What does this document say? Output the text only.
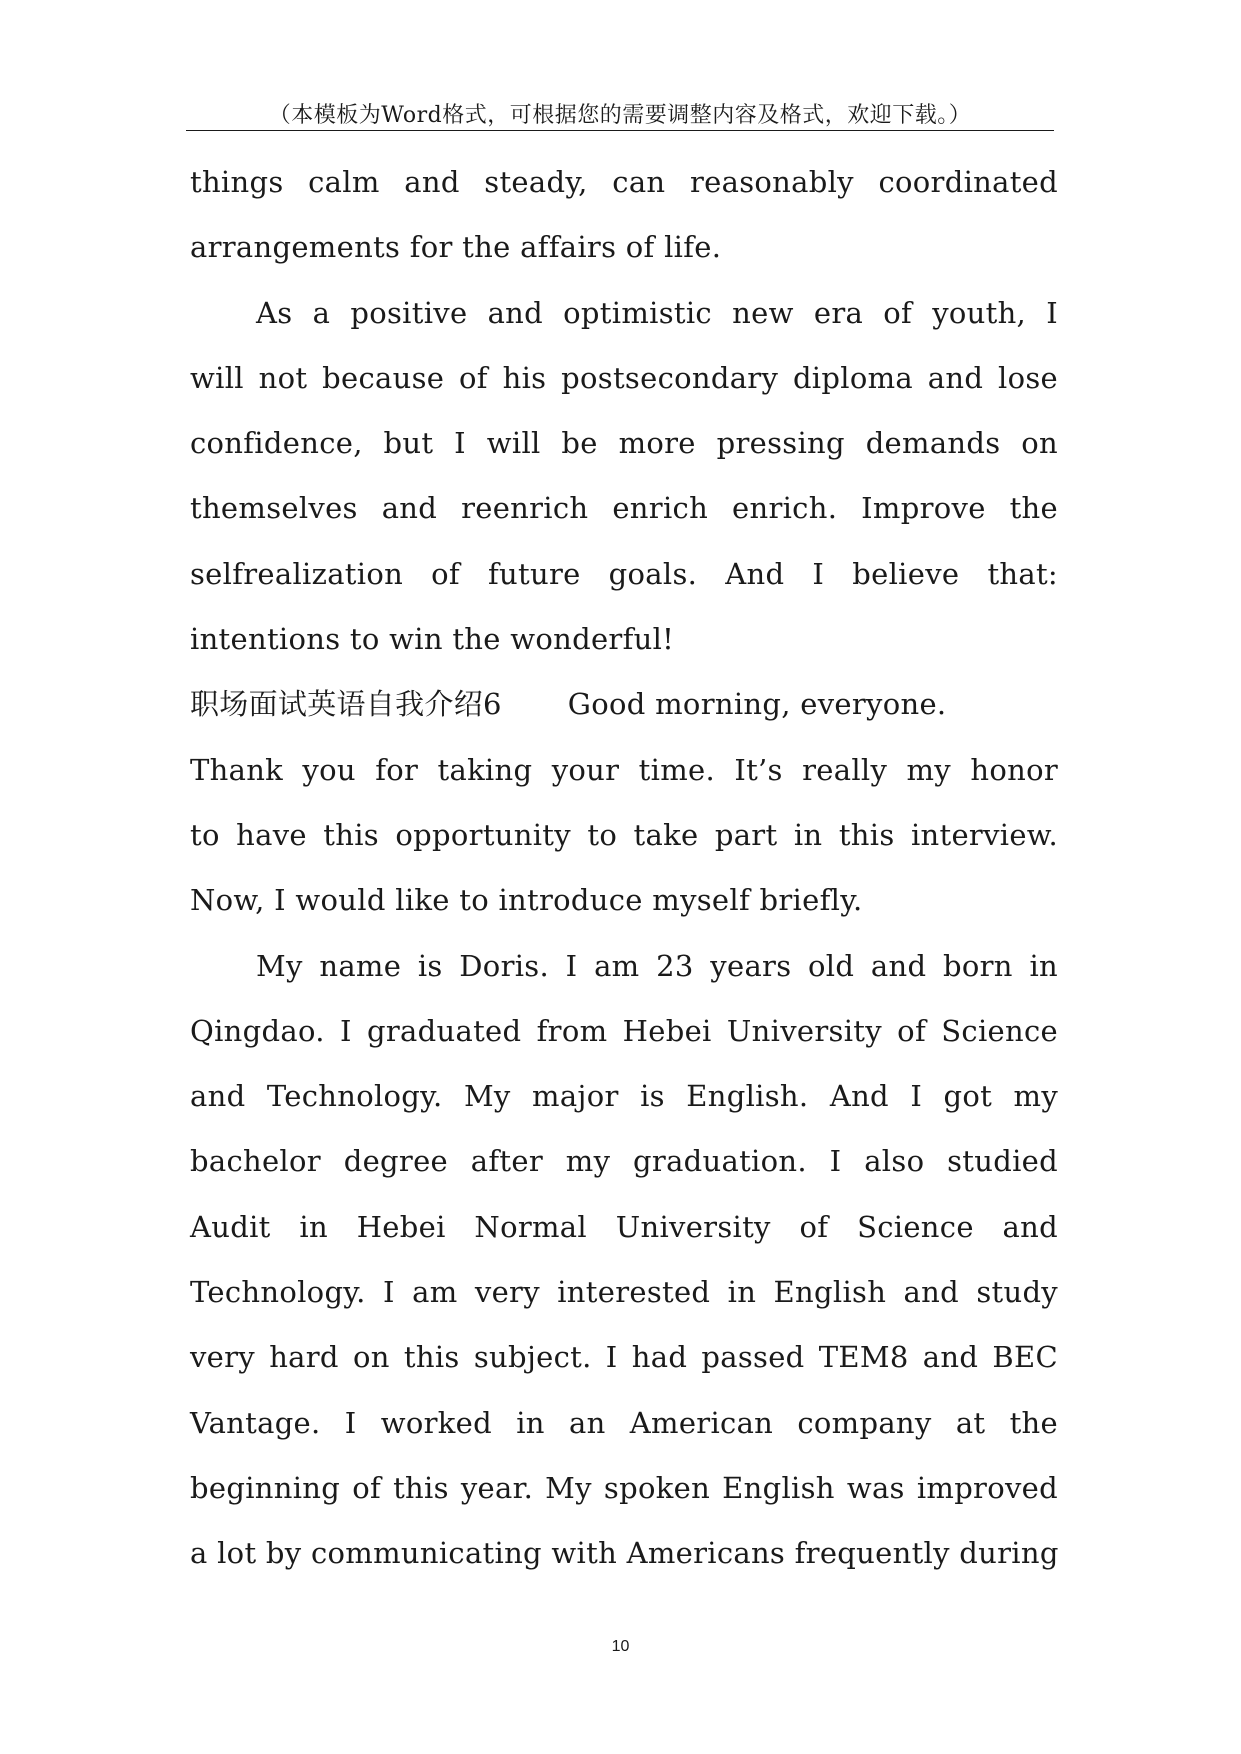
（本模板为Word格式，可根据您的需要调整内容及格式，欢迎下载。）
things calm and steady, can reasonably coordinated
arrangements for the affairs of life.
As a positive and optimistic new era of youth, I
will not because of his postsecondary diploma and lose
confidence, but I will be more pressing demands on
themselves and reenrich enrich enrich. Improve the
selfrealization of future goals. And I believe that:
intentions to win the wonderful!
职场面试英语自我介绍6 Good morning, everyone.
Thank you for taking your time. It’s really my honor
to have this opportunity to take part in this interview.
Now, I would like to introduce myself briefly.
My name is Doris. I am 23 years old and born in
Qingdao. I graduated from Hebei University of Science
and Technology. My major is English. And I got my
bachelor degree after my graduation. I also studied
Audit in Hebei Normal University of Science and
Technology. I am very interested in English and study
very hard on this subject. I had passed TEM8 and BEC
Vantage. I worked in an American company at the
beginning of this year. My spoken English was improved
a lot by communicating with Americans frequently during
10
